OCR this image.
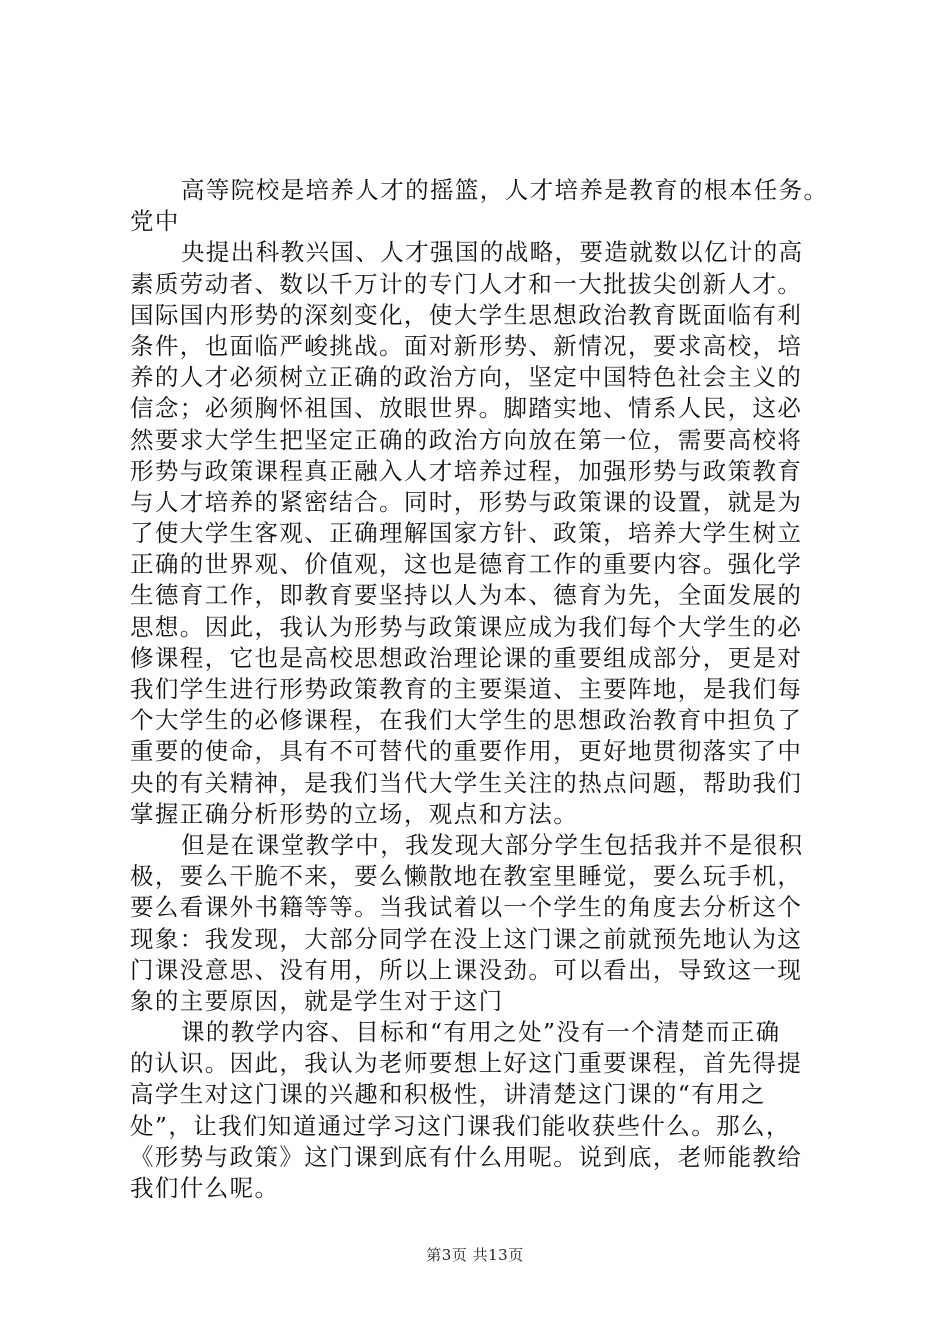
高等院校是培养人才的摇篮，人才培养是教育的根本任务。
党中
央提出科教兴国、人才强国的战略，要造就数以亿计的高
素质劳动者、数以千万计的专门人才和一大批拔尖创新人才。
国际国内形势的深刻变化，使大学生思想政治教育既面临有利
条件，也面临严峻挑战。面对新形势、新情况，要求高校，培
养的人才必须树立正确的政治方向，坚定中国特色社会主义的
信念；必须胸怀祖国、放眼世界。脚踏实地、情系人民，这必
然要求大学生把坚定正确的政治方向放在第一位，需要高校将
形势与政策课程真正融入人才培养过程，加强形势与政策教育
与人才培养的紧密结合。同时，形势与政策课的设置，就是为
了使大学生客观、正确理解国家方针、政策，培养大学生树立
正确的世界观、价值观，这也是德育工作的重要内容。强化学
生德育工作，即教育要坚持以人为本、德育为先，全面发展的
思想。因此，我认为形势与政策课应成为我们每个大学生的必
修课程，它也是高校思想政治理论课的重要组成部分，更是对
我们学生进行形势政策教育的主要渠道、主要阵地，是我们每
个大学生的必修课程，在我们大学生的思想政治教育中担负了
重要的使命，具有不可替代的重要作用，更好地贯彻落实了中
央的有关精神，是我们当代大学生关注的热点问题，帮助我们
掌握正确分析形势的立场，观点和方法。
但是在课堂教学中，我发现大部分学生包括我并不是很积
极，要么干脆不来，要么懒散地在教室里睡觉，要么玩手机，
要么看课外书籍等等。当我试着以一个学生的角度去分析这个
现象：我发现，大部分同学在没上这门课之前就预先地认为这
门课没意思、没有用，所以上课没劲。可以看出，导致这一现
象的主要原因，就是学生对于这门
课的教学内容、目标和“有用之处”没有一个清楚而正确
的认识。因此，我认为老师要想上好这门重要课程，首先得提
高学生对这门课的兴趣和积极性，讲清楚这门课的“有用之
处”，让我们知道通过学习这门课我们能收获些什么。那么，
《形势与政策》这门课到底有什么用呢。说到底，老师能教给
我们什么呢。
第3页 共13页
